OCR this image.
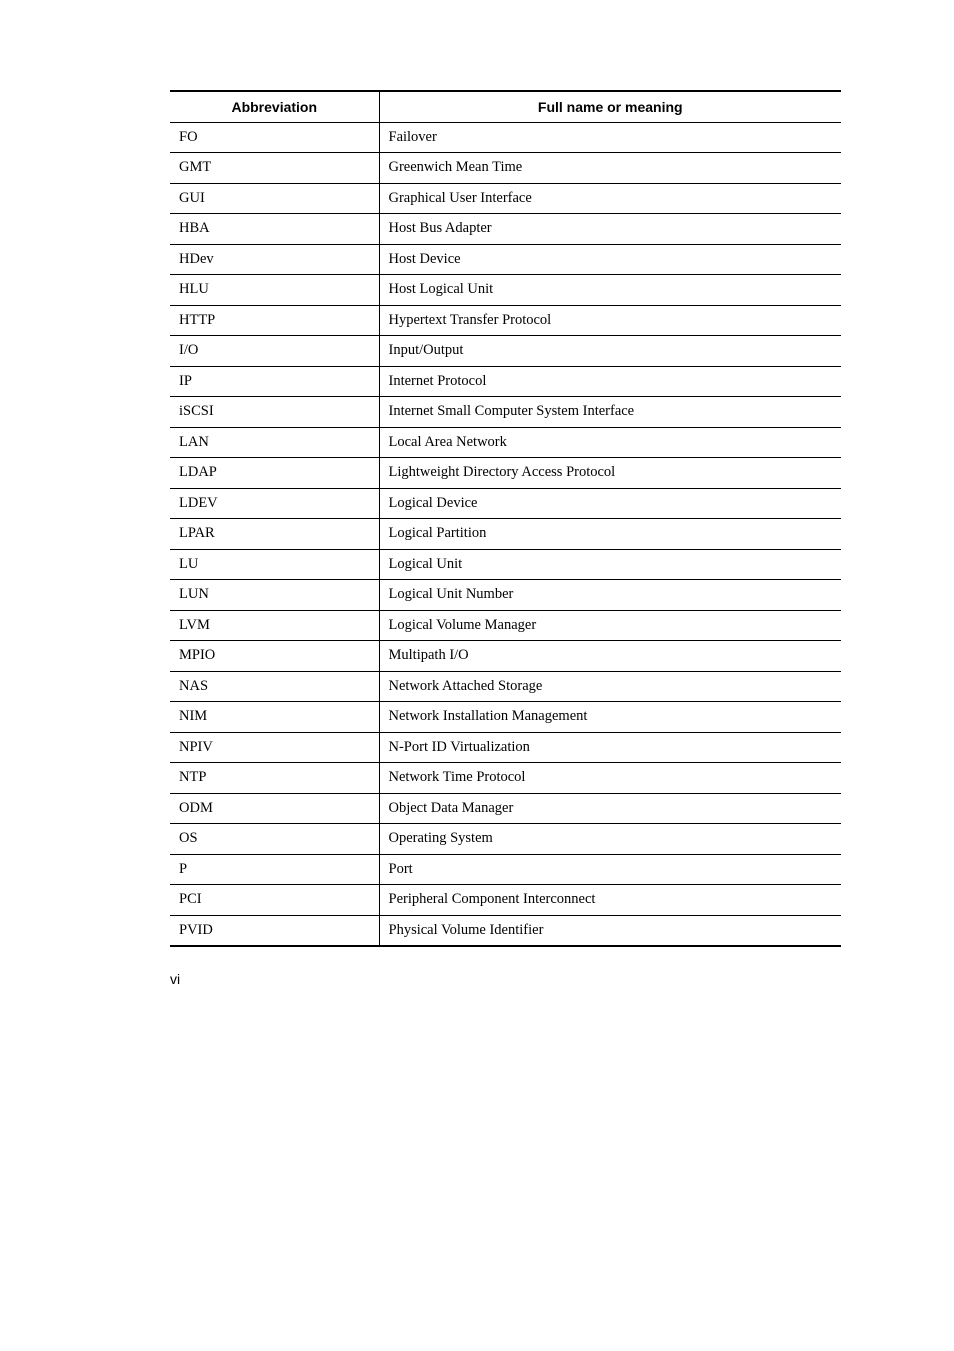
Abbreviation	Full name or meaning
FO	Failover
GMT	Greenwich Mean Time
GUI	Graphical User Interface
HBA	Host Bus Adapter
HDev	Host Device
HLU	Host Logical Unit
HTTP	Hypertext Transfer Protocol
I/O	Input/Output
IP	Internet Protocol
iSCSI	Internet Small Computer System Interface
LAN	Local Area Network
LDAP	Lightweight Directory Access Protocol
LDEV	Logical Device
LPAR	Logical Partition
LU	Logical Unit
LUN	Logical Unit Number
LVM	Logical Volume Manager
MPIO	Multipath I/O
NAS	Network Attached Storage
NIM	Network Installation Management
NPIV	N-Port ID Virtualization
NTP	Network Time Protocol
ODM	Object Data Manager
OS	Operating System
P	Port
PCI	Peripheral Component Interconnect
PVID	Physical Volume Identifier
vi
